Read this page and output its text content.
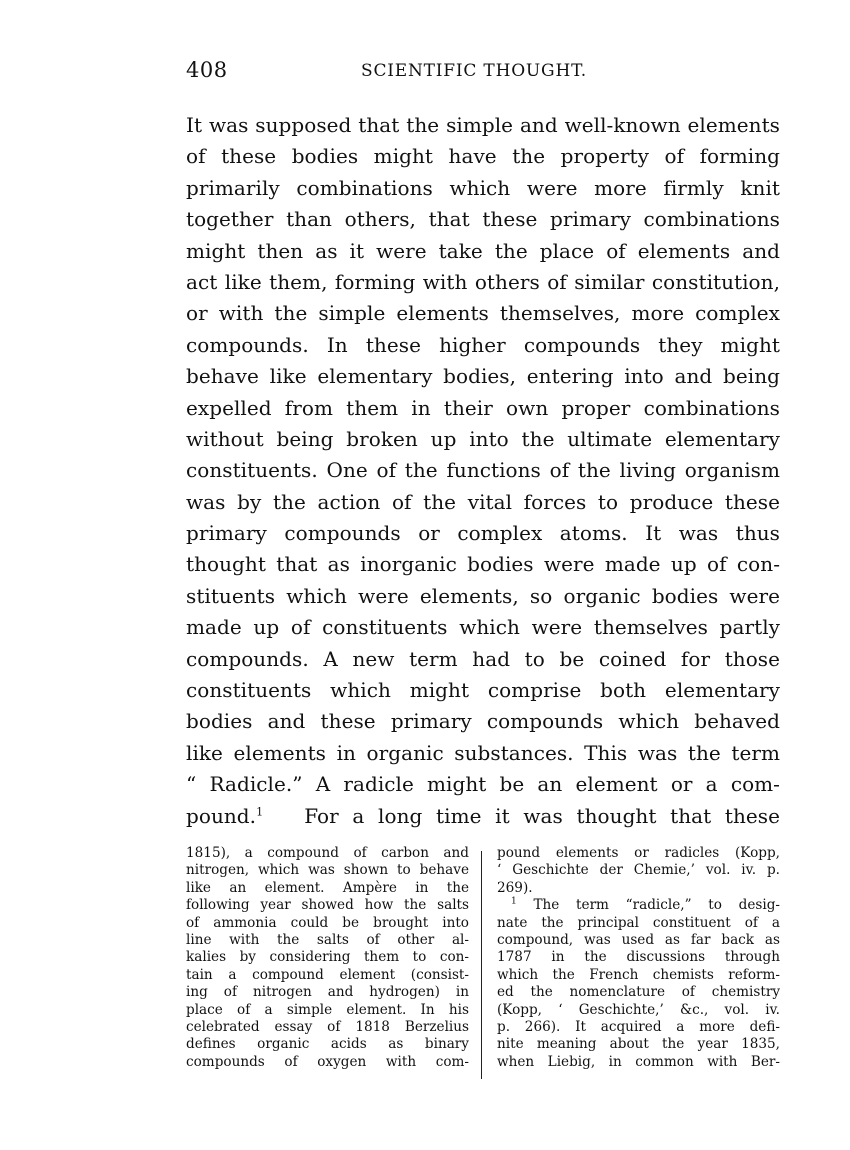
408	SCIENTIFIC THOUGHT.
It was supposed that the simple and well-known elements
of these bodies might have the property of forming
primarily combinations which were more firmly knit
together than others, that these primary combinations
might then as it were take the place of elements and
act like them, forming with others of similar constitution,
or with the simple elements themselves, more complex
compounds. In these higher compounds they might
behave like elementary bodies, entering into and being
expelled from them in their own proper combinations
without being broken up into the ultimate elementary
constituents. One of the functions of the living organism
was by the action of the vital forces to produce these
primary compounds or complex atoms. It was thus
thought that as inorganic bodies were made up of con-
stituents which were elements, so organic bodies were
made up of constituents which were themselves partly
compounds. A new term had to be coined for those
constituents which might comprise both elementary
bodies and these primary compounds which behaved
like elements in organic substances. This was the term
“ Radicle.” A radicle might be an element or a com-
pound.$^1$ For a long time it was thought that these
1815), a compound of carbon and
nitrogen, which was shown to behave
like an element. Ampère in the
following year showed how the salts
of ammonia could be brought into
line with the salts of other al-
kalies by considering them to con-
tain a compound element (consist-
ing of nitrogen and hydrogen) in
place of a simple element. In his
celebrated essay of 1818 Berzelius
defines organic acids as binary
compounds of oxygen with com-
pound elements or radicles (Kopp,
‘ Geschichte der Chemie,’ vol. iv. p.
269).
$^1$ The term “radicle,” to desig-
nate the principal constituent of a
compound, was used as far back as
1787 in the discussions through
which the French chemists reform-
ed the nomenclature of chemistry
(Kopp, ‘ Geschichte,’ &c., vol. iv.
p. 266). It acquired a more defi-
nite meaning about the year 1835,
when Liebig, in common with Ber-
